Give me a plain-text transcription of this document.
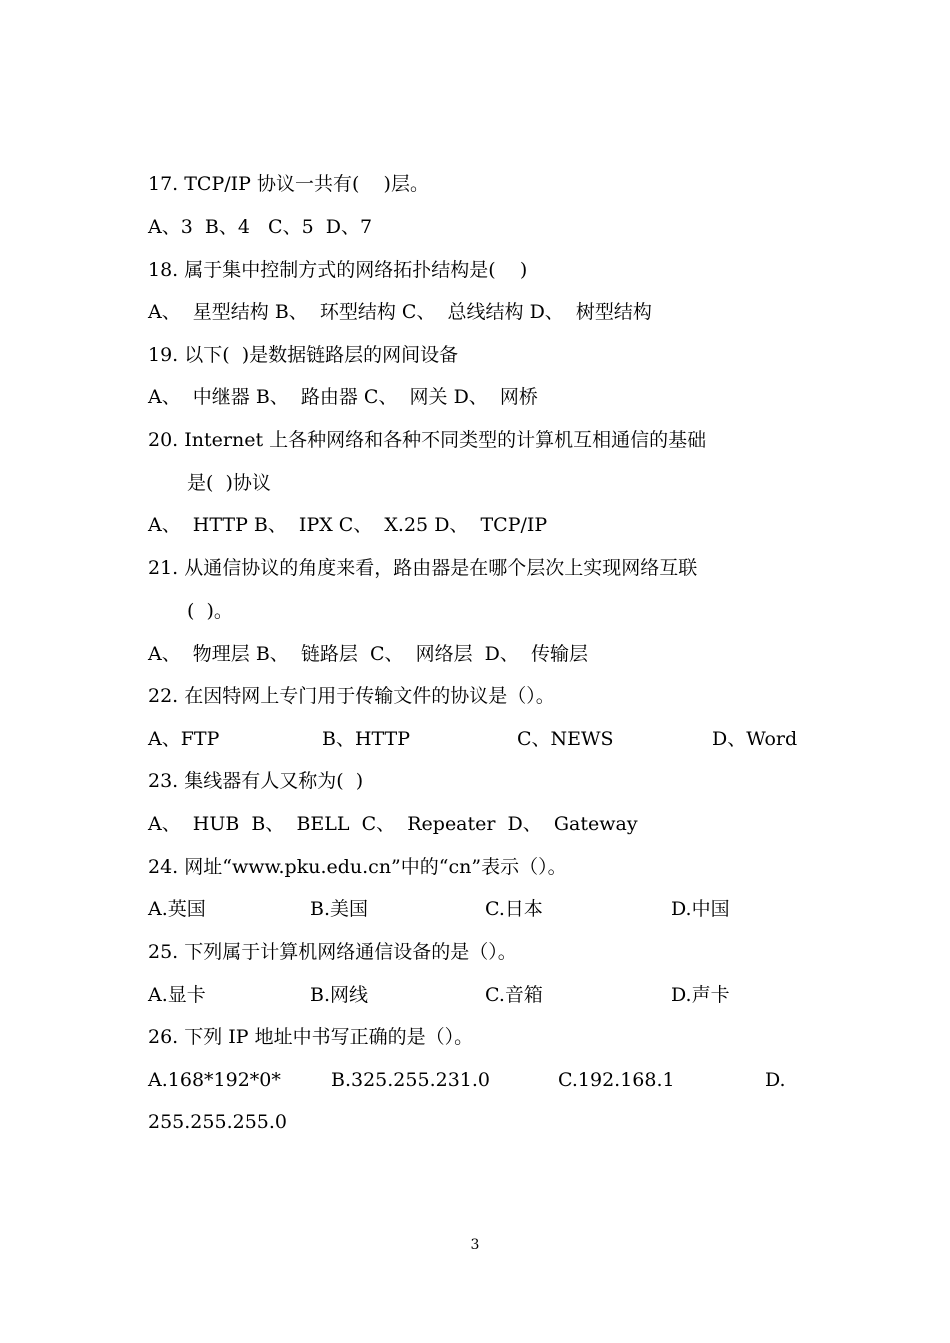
17. TCP/IP 协议一共有(    )层。
A、3  B、4   C、5  D、7
18. 属于集中控制方式的网络拓扑结构是(    )
A、  星型结构 B、  环型结构 C、  总线结构 D、  树型结构
19. 以下(  )是数据链路层的网间设备
A、  中继器 B、  路由器 C、  网关 D、  网桥
20. Internet 上各种网络和各种不同类型的计算机互相通信的基础
是(  )协议
A、  HTTP B、  IPX C、  X.25 D、  TCP/IP
21. 从通信协议的角度来看，路由器是在哪个层次上实现网络互联
(  )。
A、  物理层 B、  链路层  C、  网络层  D、  传输层
22. 在因特网上专门用于传输文件的协议是（）。
A、FTP	B、HTTP	C、NEWS	D、Word
23. 集线器有人又称为(  )
A、  HUB  B、  BELL  C、  Repeater  D、  Gateway
24. 网址“www.pku.edu.cn”中的“cn”表示（）。
A.英国	B.美国	C.日本	D.中国
25. 下列属于计算机网络通信设备的是（）。
A.显卡	B.网线	C.音箱	D.声卡
26. 下列 IP 地址中书写正确的是（）。
A.168*192*0*	B.325.255.231.0	C.192.168.1	D.
255.255.255.0
3
